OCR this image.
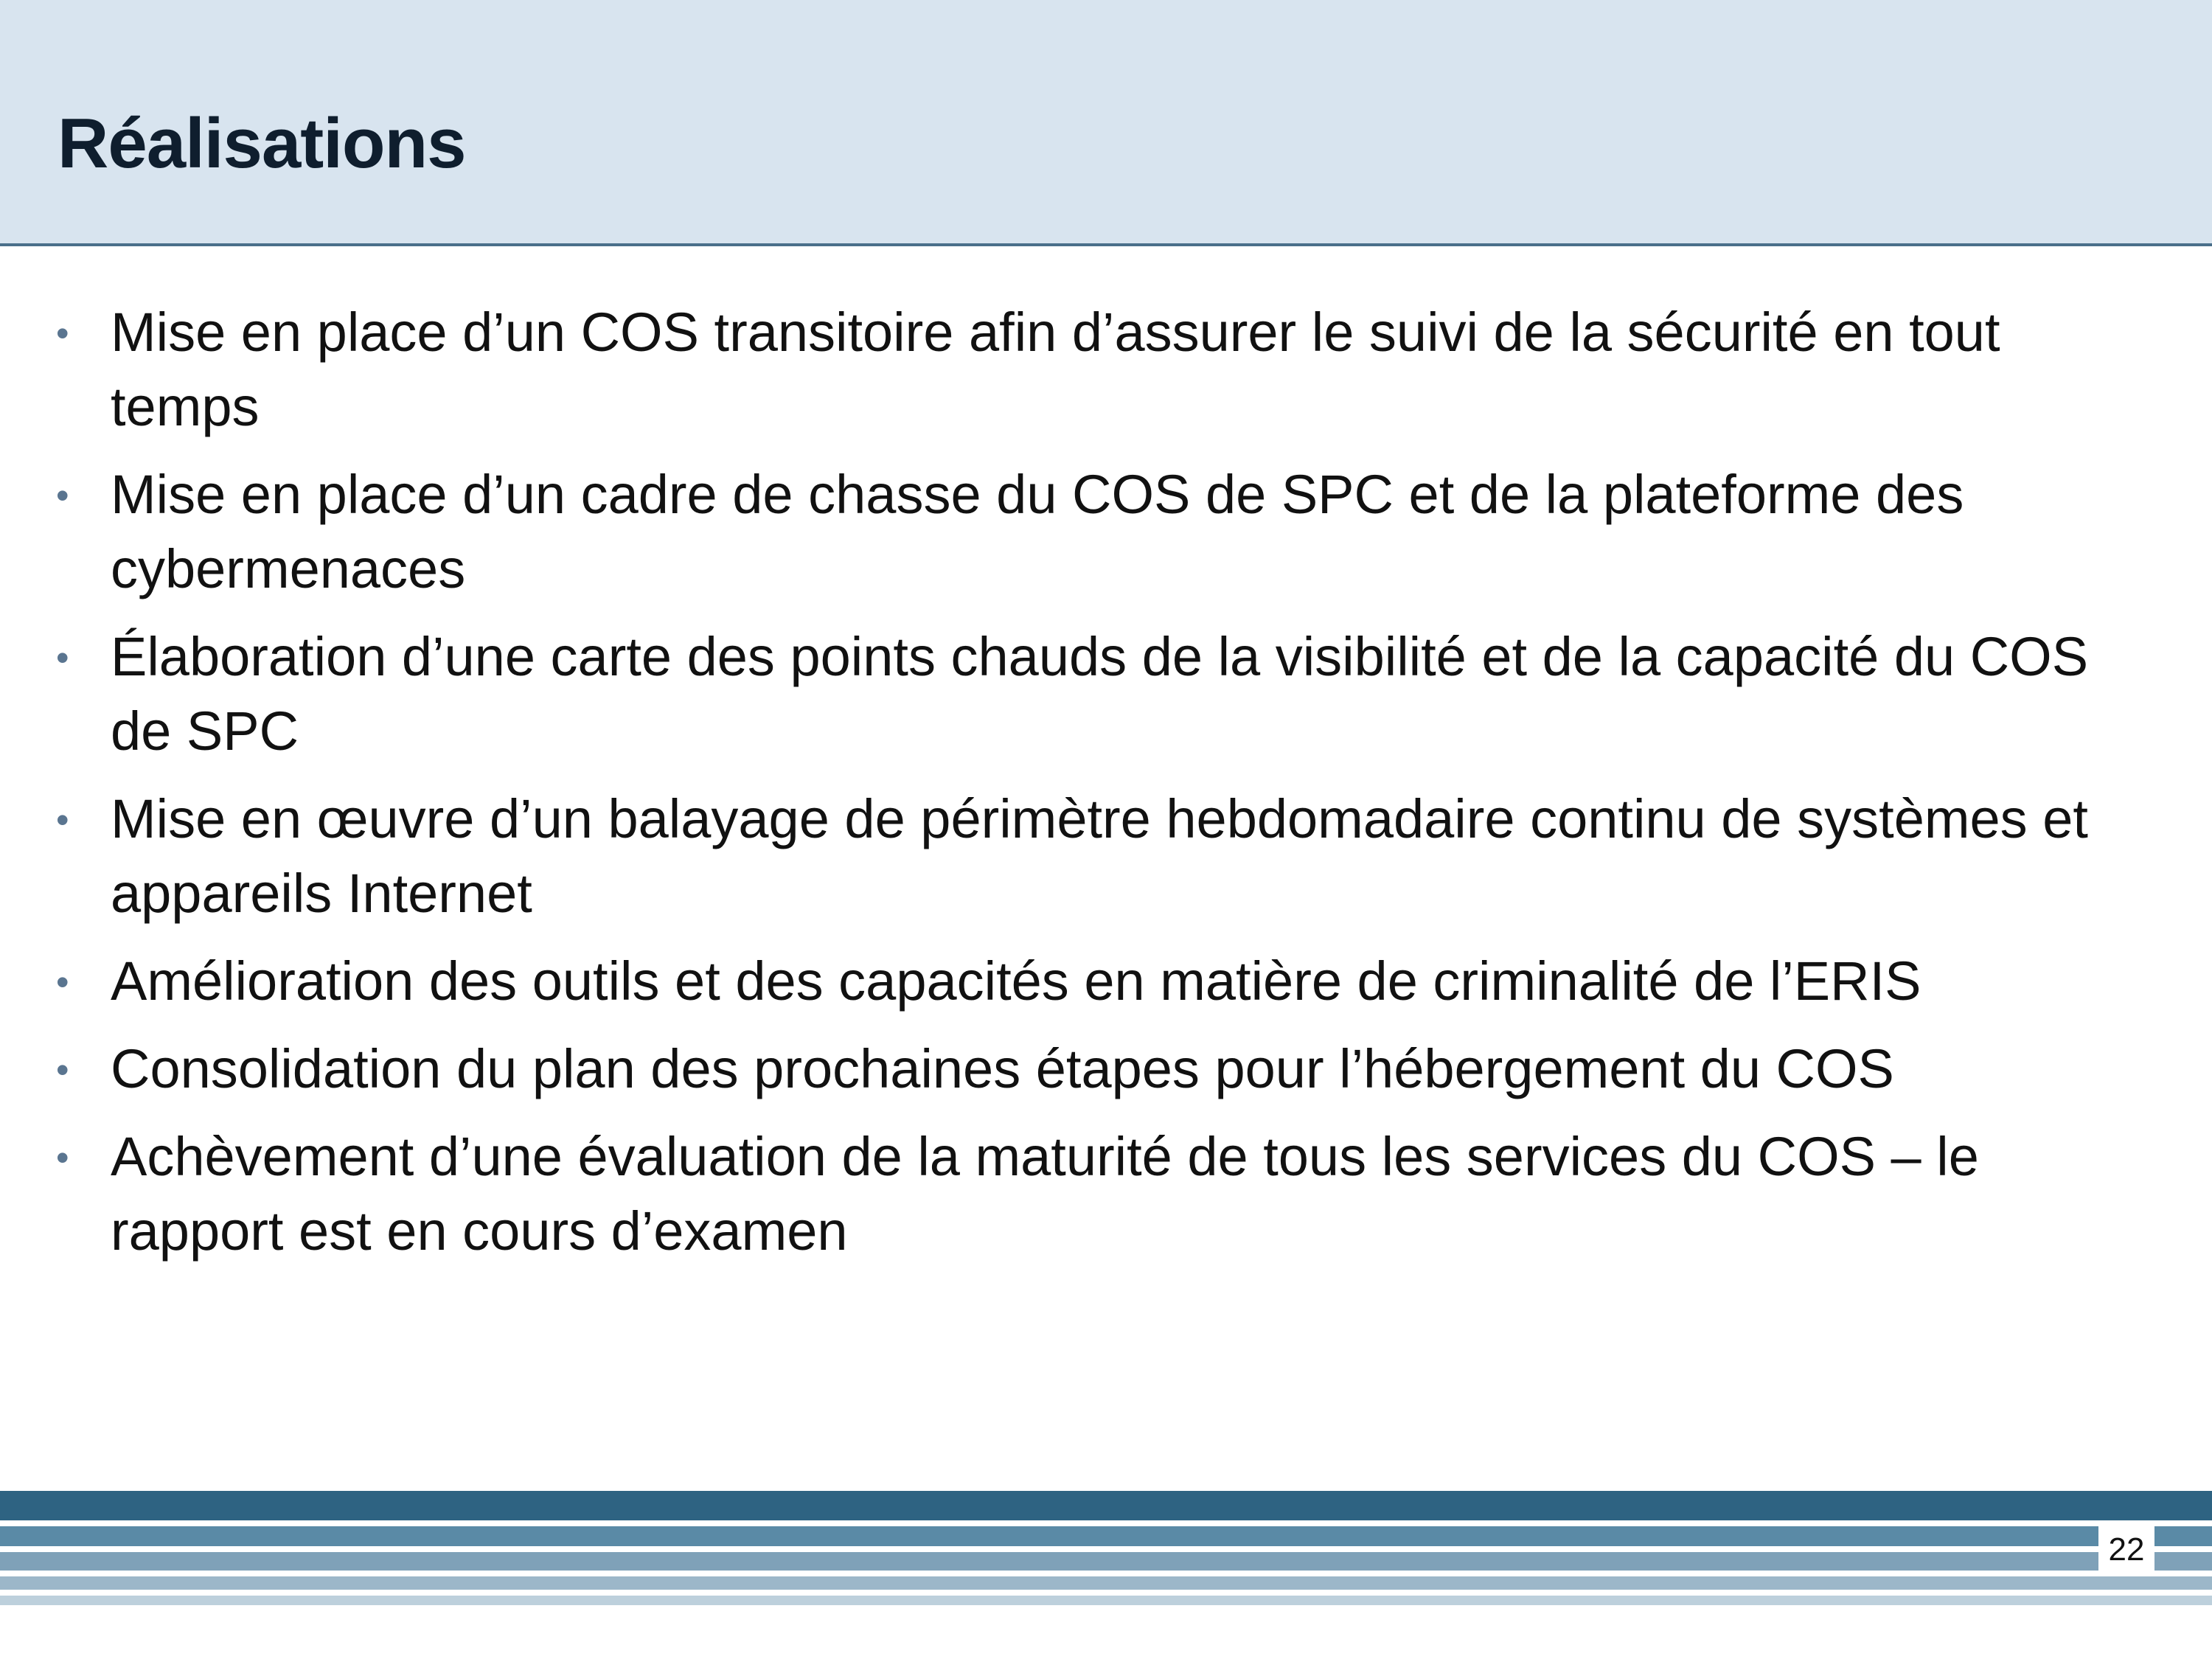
Réalisations
• Mise en place d’un COS transitoire afin d’assurer le suivi de la sécurité en tout temps
• Mise en place d’un cadre de chasse du COS de SPC et de la plateforme des cybermenaces
• Élaboration d’une carte des points chauds de la visibilité et de la capacité du COS de SPC
• Mise en œuvre d’un balayage de périmètre hebdomadaire continu de systèmes et appareils Internet
• Amélioration des outils et des capacités en matière de criminalité de l’ERIS
• Consolidation du plan des prochaines étapes pour l’hébergement du COS
• Achèvement d’une évaluation de la maturité de tous les services du COS – le rapport est en cours d’examen
22
